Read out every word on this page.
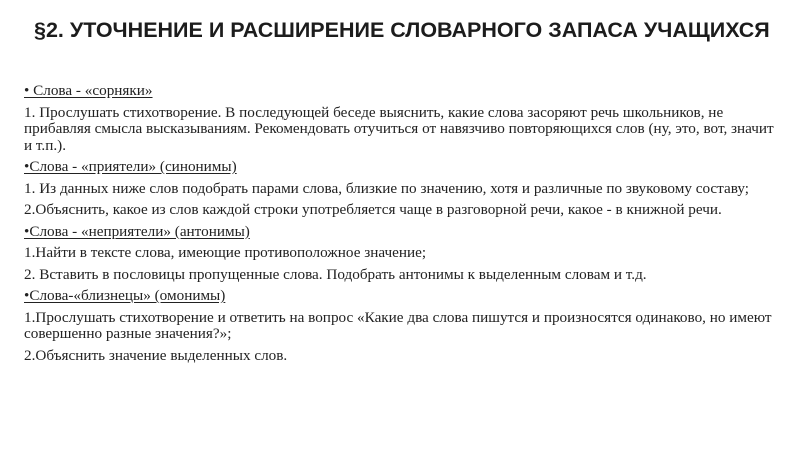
§2. УТОЧНЕНИЕ И РАСШИРЕНИЕ СЛОВАРНОГО ЗАПАСА УЧАЩИХСЯ

• Слова - «сорняки»

1. Прослушать стихотворение. В последующей беседе выяснить, какие слова засоряют речь школьников, не прибавляя смысла высказываниям. Рекомендовать отучиться от навязчиво повторяющихся слов (ну, это, вот, значит и т.п.).

•Слова - «приятели» (синонимы)

1. Из данных ниже слов подобрать парами слова, близкие по значению, хотя и различные по звуковому составу;

2.Объяснить, какое из слов каждой строки употребляется чаще в разговорной речи, какое - в книжной речи.

•Слова - «неприятели» (антонимы)

1.Найти в тексте слова, имеющие противоположное значение;

2. Вставить в пословицы пропущенные слова. Подобрать антонимы к выделенным словам и т.д.

•Слова-«близнецы» (омонимы)

1.Прослушать стихотворение и ответить на вопрос «Какие два слова пишутся и произносятся одинаково, но имеют совершенно разные значения?»;

2.Объяснить значение выделенных слов.
